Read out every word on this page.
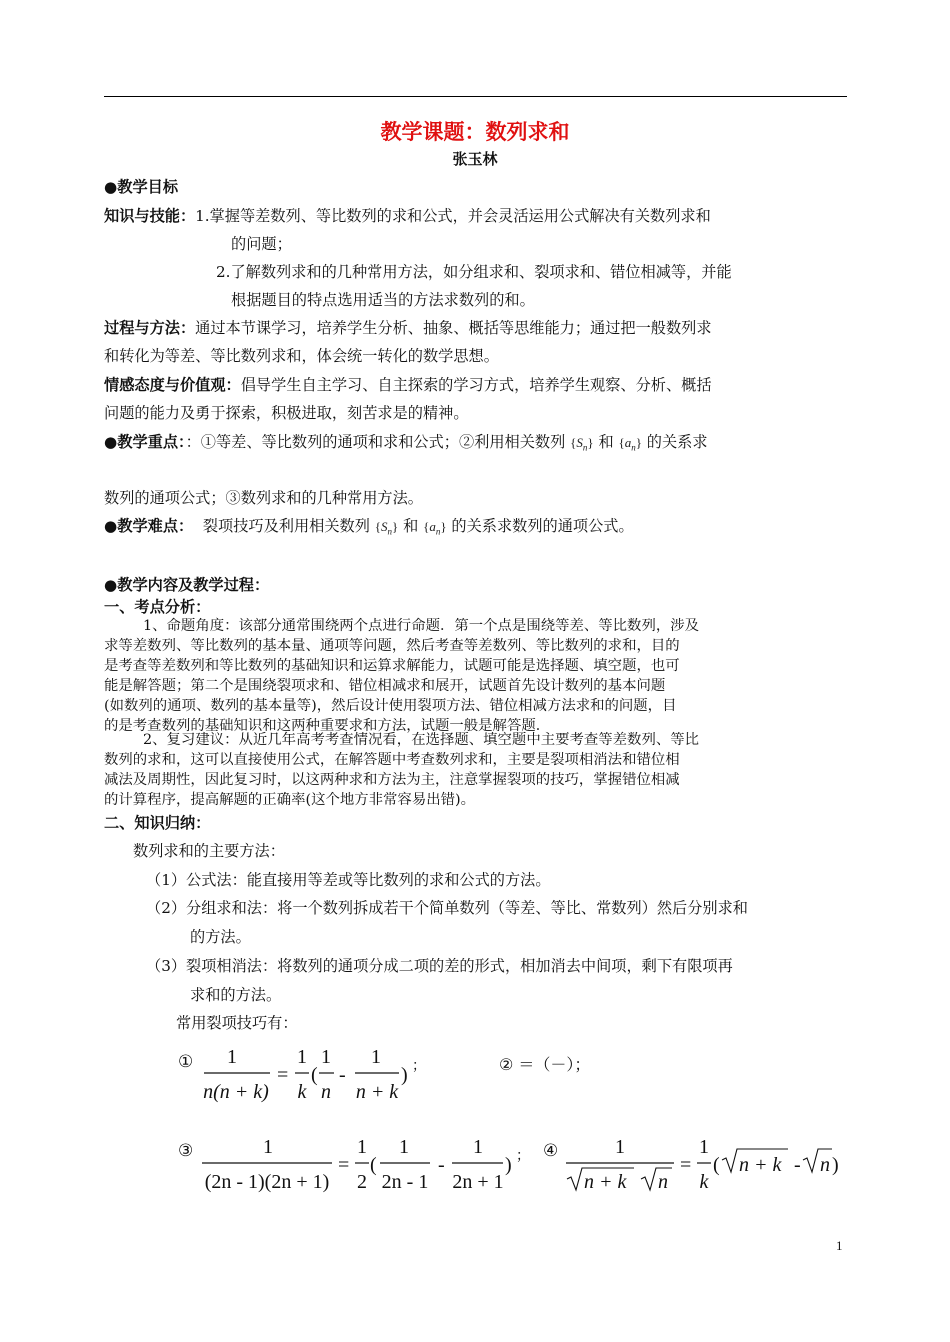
教学课题：数列求和
张玉林
●教学目标
知识与技能：1.掌握等差数列、等比数列的求和公式，并会灵活运用公式解决有关数列求和
的问题；
2.了解数列求和的几种常用方法，如分组求和、裂项求和、错位相减等，并能
根据题目的特点选用适当的方法求数列的和。
过程与方法：通过本节课学习，培养学生分析、抽象、概括等思维能力；通过把一般数列求
和转化为等差、等比数列求和，体会统一转化的数学思想。
情感态度与价值观：倡导学生自主学习、自主探索的学习方式，培养学生观察、分析、概括
问题的能力及勇于探索，积极进取，刻苦求是的精神。
●教学重点：：①等差、等比数列的通项和求和公式；②利用相关数列 $\{S_n\}$ 和 $\{a_n\}$ 的关系求
数列的通项公式；③数列求和的几种常用方法。
●教学难点： 裂项技巧及利用相关数列 $\{S_n\}$ 和 $\{a_n\}$ 的关系求数列的通项公式。
●教学内容及教学过程：
一、考点分析：
1、命题角度：该部分通常围绕两个点进行命题．第一个点是围绕等差、等比数列，涉及
求等差数列、等比数列的基本量、通项等问题，然后考查等差数列、等比数列的求和，目的
是考查等差数列和等比数列的基础知识和运算求解能力，试题可能是选择题、填空题，也可
能是解答题；第二个是围绕裂项求和、错位相减求和展开，试题首先设计数列的基本问题
(如数列的通项、数列的基本量等)，然后设计使用裂项方法、错位相减方法求和的问题，目
的是考查数列的基础知识和这两种重要求和方法，试题一般是解答题．
2、复习建议：从近几年高考考查情况看，在选择题、填空题中主要考查等差数列、等比
数列的求和，这可以直接使用公式，在解答题中考查数列求和，主要是裂项相消法和错位相
减法及周期性，因此复习时，以这两种求和方法为主，注意掌握裂项的技巧，掌握错位相减
的计算程序，提高解题的正确率(这个地方非常容易出错)。
二、知识归纳：
数列求和的主要方法：
（1）公式法：能直接用等差或等比数列的求和公式的方法。
（2）分组求和法：将一个数列拆成若干个简单数列（等差、等比、常数列）然后分别求和
的方法。
（3）裂项相消法：将数列的通项分成二项的差的形式，相加消去中间项，剩下有限项再
求和的方法。
常用裂项技巧有：
① 1
n(n + k)
=
1
k
(
1
n
-
1
n + k
) ；	② ＝（－）；
③	1
(2n - 1)(2n + 1)
=
1
2
(
1
2n - 1
-
1
2n + 1
) ； ④	1
n + k n
=
1
k
( n + k - n )
1
